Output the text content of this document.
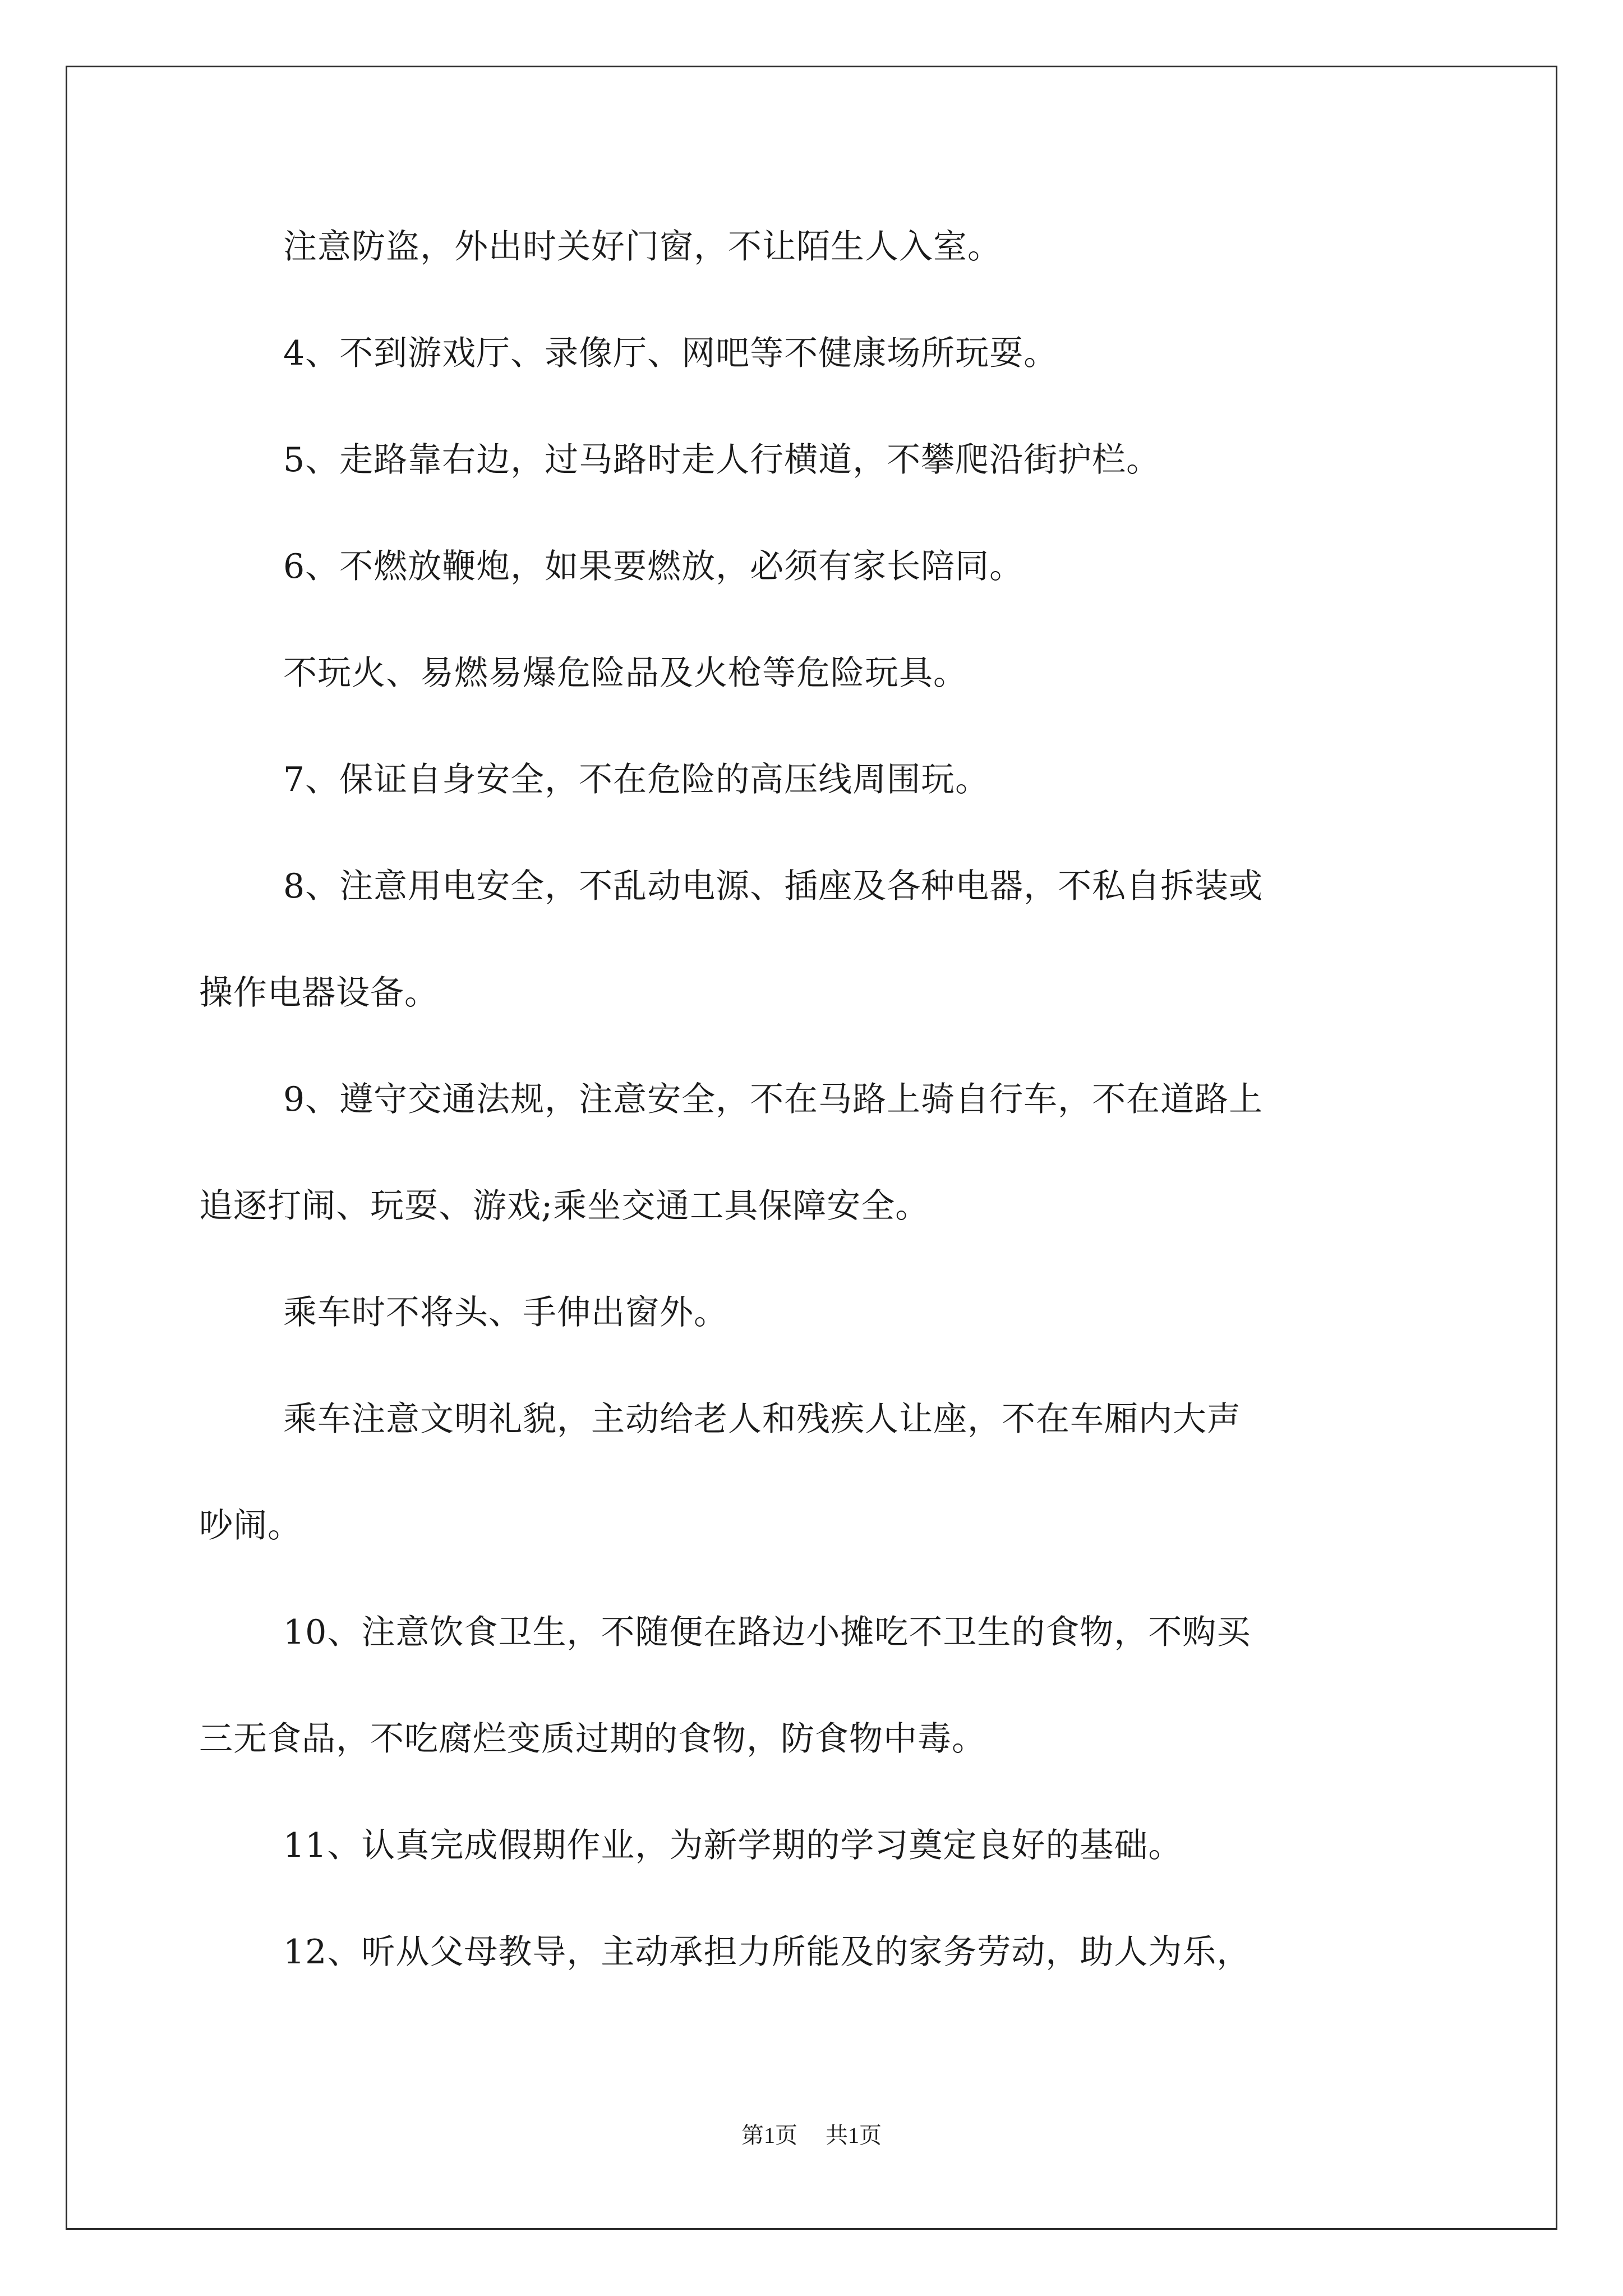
注意防盗，外出时关好门窗，不让陌生人入室。
4、不到游戏厅、录像厅、网吧等不健康场所玩耍。
5、走路靠右边，过马路时走人行横道，不攀爬沿街护栏。
6、不燃放鞭炮，如果要燃放，必须有家长陪同。
不玩火、易燃易爆危险品及火枪等危险玩具。
7、保证自身安全，不在危险的高压线周围玩。
8、注意用电安全，不乱动电源、插座及各种电器，不私自拆装或
操作电器设备。
9、遵守交通法规，注意安全，不在马路上骑自行车，不在道路上
追逐打闹、玩耍、游戏;乘坐交通工具保障安全。
乘车时不将头、手伸出窗外。
乘车注意文明礼貌，主动给老人和残疾人让座，不在车厢内大声
吵闹。
10、注意饮食卫生，不随便在路边小摊吃不卫生的食物，不购买
三无食品，不吃腐烂变质过期的食物，防食物中毒。
11、认真完成假期作业，为新学期的学习奠定良好的基础。
12、听从父母教导，主动承担力所能及的家务劳动，助人为乐，
第1页 共1页
